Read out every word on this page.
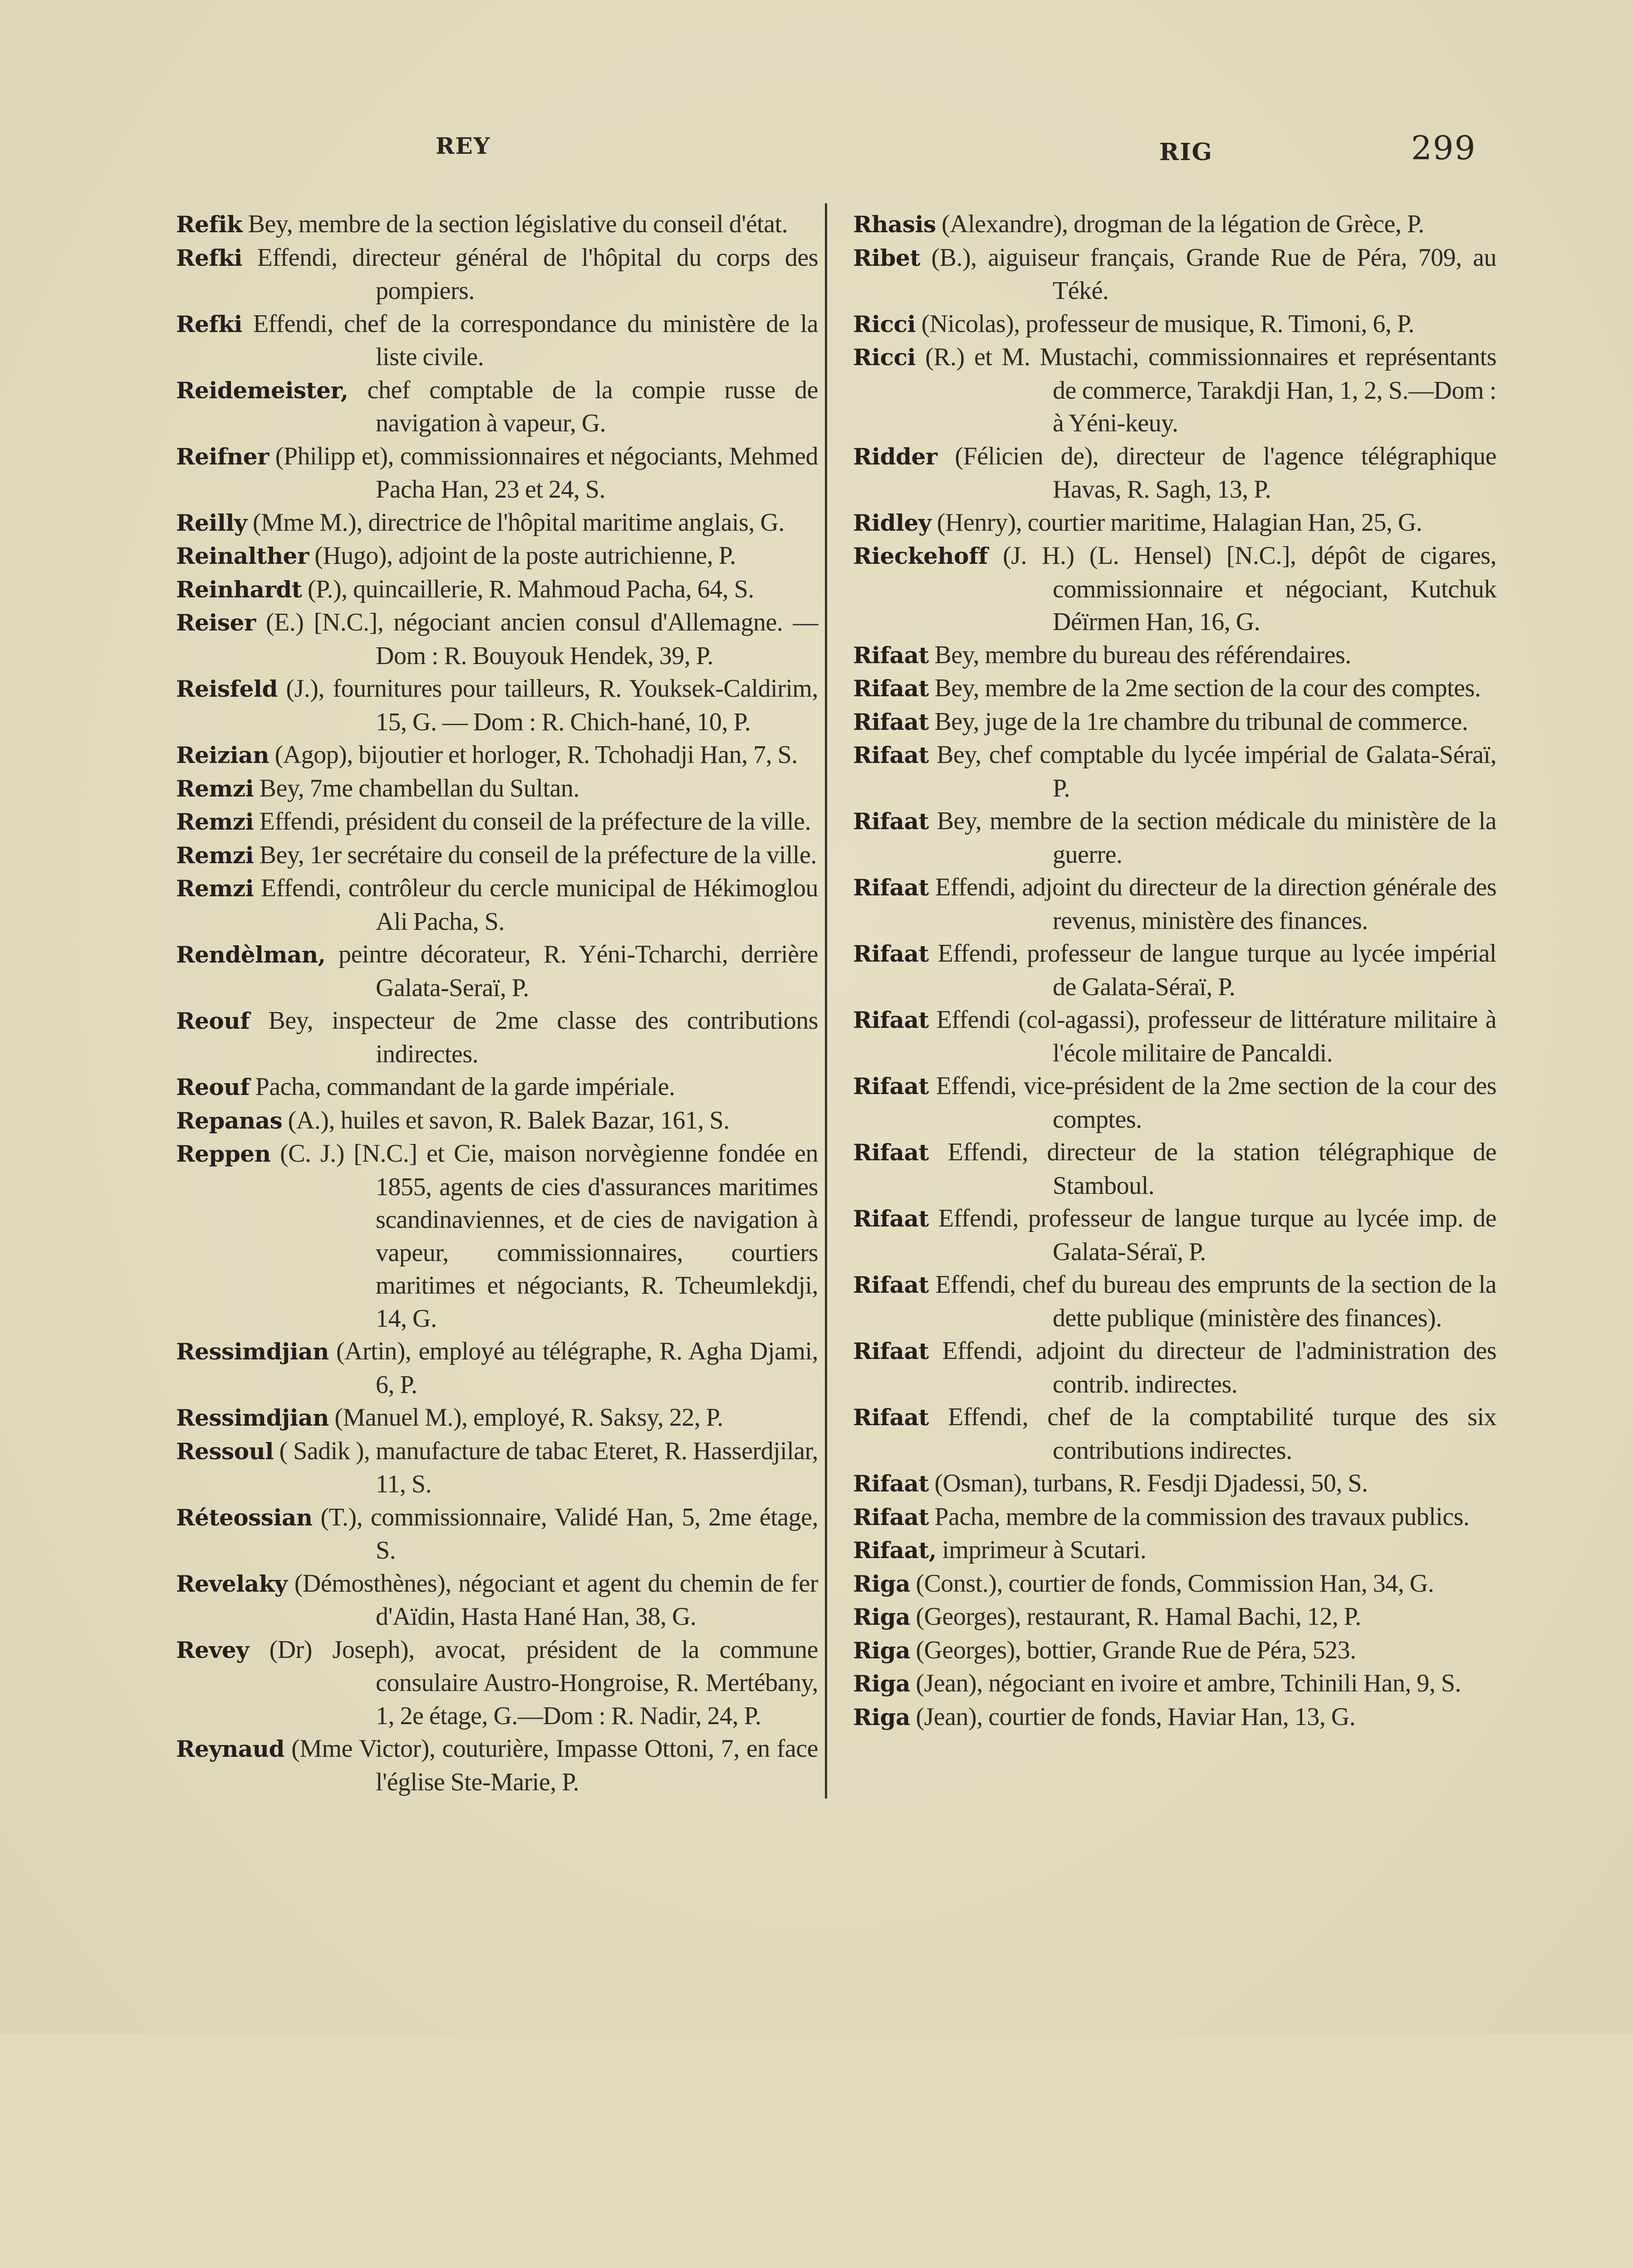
REY	RIG	299

Refik Bey, membre de la section législative du conseil d'état.

Refki Effendi, directeur général de l'hôpital du corps des pompiers.

Refki Effendi, chef de la correspondance du ministère de la liste civile.

Reidemeister, chef comptable de la compie russe de navigation à vapeur, G.

Reifner (Philipp et), commissionnaires et négociants, Mehmed Pacha Han, 23 et 24, S.

Reilly (Mme M.), directrice de l'hôpital maritime anglais, G.

Reinalther (Hugo), adjoint de la poste autrichienne, P.

Reinhardt (P.), quincaillerie, R. Mahmoud Pacha, 64, S.

Reiser (E.) [N.C.], négociant ancien consul d'Allemagne. — Dom : R. Bouyouk Hendek, 39, P.

Reisfeld (J.), fournitures pour tailleurs, R. Youksek-Caldirim, 15, G. — Dom : R. Chich-hané, 10, P.

Reizian (Agop), bijoutier et horloger, R. Tchohadji Han, 7, S.

Remzi Bey, 7me chambellan du Sultan.

Remzi Effendi, président du conseil de la préfecture de la ville.

Remzi Bey, 1er secrétaire du conseil de la préfecture de la ville.

Remzi Effendi, contrôleur du cercle municipal de Hékimoglou Ali Pacha, S.

Rendèlman, peintre décorateur, R. Yéni-Tcharchi, derrière Galata-Seraï, P.

Reouf Bey, inspecteur de 2me classe des contributions indirectes.

Reouf Pacha, commandant de la garde impériale.

Repanas (A.), huiles et savon, R. Balek Bazar, 161, S.

Reppen (C. J.) [N.C.] et Cie, maison norvègienne fondée en 1855, agents de cies d'assurances maritimes scandinaviennes, et de cies de navigation à vapeur, commissionnaires, courtiers maritimes et négociants, R. Tcheumlekdji, 14, G.

Ressimdjian (Artin), employé au télégraphe, R. Agha Djami, 6, P.

Ressimdjian (Manuel M.), employé, R. Saksy, 22, P.

Ressoul ( Sadik ), manufacture de tabac Eteret, R. Hasserdjilar, 11, S.

Réteossian (T.), commissionnaire, Validé Han, 5, 2me étage, S.

Revelaky (Démosthènes), négociant et agent du chemin de fer d'Aïdin, Hasta Hané Han, 38, G.

Revey (Dr) Joseph), avocat, président de la commune consulaire Austro-Hongroise, R. Mertébany, 1, 2e étage, G.—Dom : R. Nadir, 24, P.

Reynaud (Mme Victor), couturière, Impasse Ottoni, 7, en face l'église Ste-Marie, P.

Rhasis (Alexandre), drogman de la légation de Grèce, P.

Ribet (B.), aiguiseur français, Grande Rue de Péra, 709, au Téké.

Ricci (Nicolas), professeur de musique, R. Timoni, 6, P.

Ricci (R.) et M. Mustachi, commissionnaires et représentants de commerce, Tarakdji Han, 1, 2, S.—Dom : à Yéni-keuy.

Ridder (Félicien de), directeur de l'agence télégraphique Havas, R. Sagh, 13, P.

Ridley (Henry), courtier maritime, Halagian Han, 25, G.

Rieckehoff (J. H.) (L. Hensel) [N.C.], dépôt de cigares, commissionnaire et négociant, Kutchuk Déïrmen Han, 16, G.

Rifaat Bey, membre du bureau des référendaires.

Rifaat Bey, membre de la 2me section de la cour des comptes.

Rifaat Bey, juge de la 1re chambre du tribunal de commerce.

Rifaat Bey, chef comptable du lycée impérial de Galata-Séraï, P.

Rifaat Bey, membre de la section médicale du ministère de la guerre.

Rifaat Effendi, adjoint du directeur de la direction générale des revenus, ministère des finances.

Rifaat Effendi, professeur de langue turque au lycée impérial de Galata-Séraï, P.

Rifaat Effendi (col-agassi), professeur de littérature militaire à l'école militaire de Pancaldi.

Rifaat Effendi, vice-président de la 2me section de la cour des comptes.

Rifaat Effendi, directeur de la station télégraphique de Stamboul.

Rifaat Effendi, professeur de langue turque au lycée imp. de Galata-Séraï, P.

Rifaat Effendi, chef du bureau des emprunts de la section de la dette publique (ministère des finances).

Rifaat Effendi, adjoint du directeur de l'administration des contrib. indirectes.

Rifaat Effendi, chef de la comptabilité turque des six contributions indirectes.

Rifaat (Osman), turbans, R. Fesdji Djadessi, 50, S.

Rifaat Pacha, membre de la commission des travaux publics.

Rifaat, imprimeur à Scutari.

Riga (Const.), courtier de fonds, Commission Han, 34, G.

Riga (Georges), restaurant, R. Hamal Bachi, 12, P.

Riga (Georges), bottier, Grande Rue de Péra, 523.

Riga (Jean), négociant en ivoire et ambre, Tchinili Han, 9, S.

Riga (Jean), courtier de fonds, Haviar Han, 13, G.
